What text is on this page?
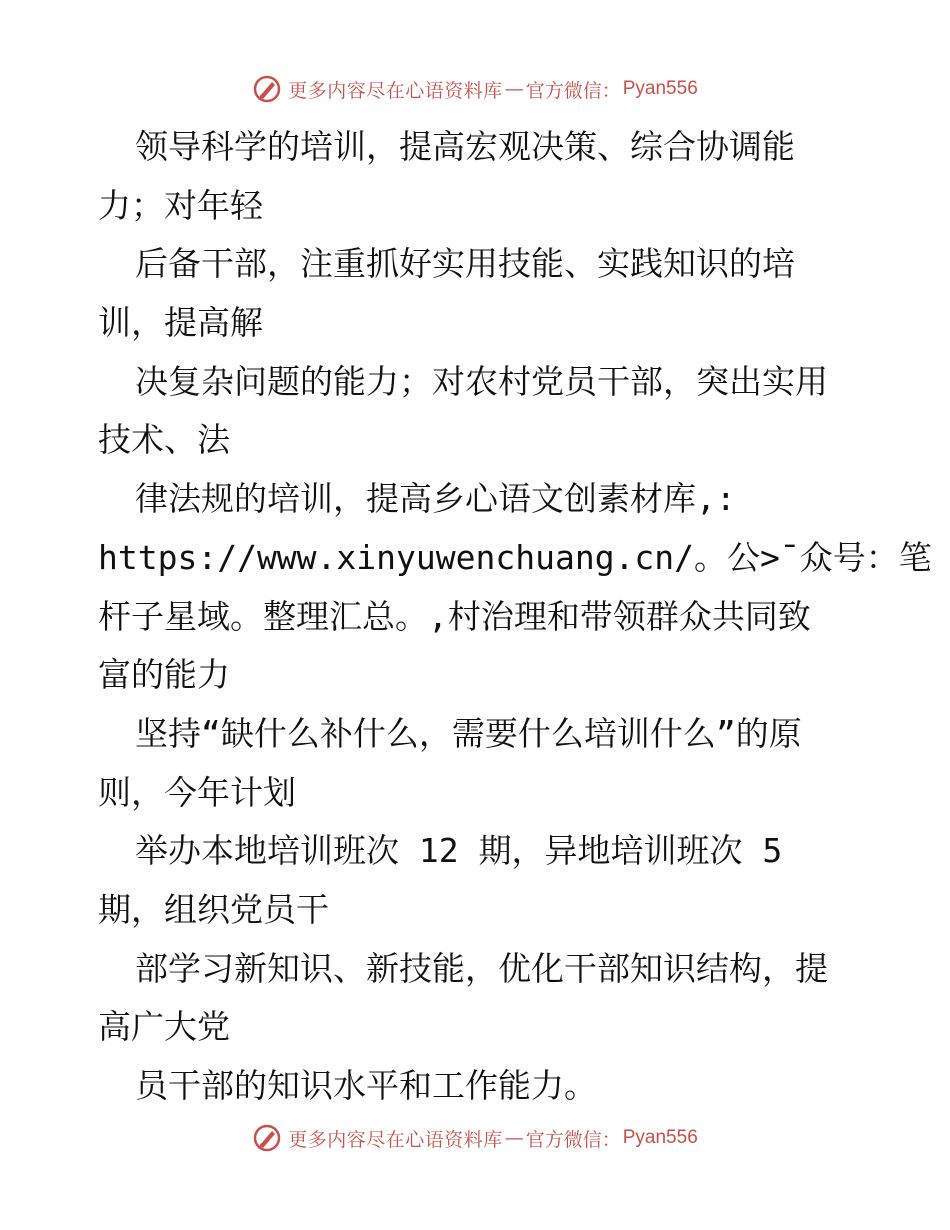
更多内容尽在心语资料库 — 官方微信： Pyan556
领导科学的培训，提高宏观决策、综合协调能
力；对年轻
后备干部，注重抓好实用技能、实践知识的培
训，提高解
决复杂问题的能力；对农村党员干部，突出实用
技术、法
律法规的培训，提高乡心语文创素材库,:
https://www.xinyuwenchuang.cn/。公>¯众号：笔
杆子星域。整理汇总。,村治理和带领群众共同致
富的能力
坚持“缺什么补什么，需要什么培训什么”的原
则，今年计划
举办本地培训班次 12 期，异地培训班次 5
期，组织党员干
部学习新知识、新技能，优化干部知识结构，提
高广大党
员干部的知识水平和工作能力。
更多内容尽在心语资料库 — 官方微信： Pyan556
